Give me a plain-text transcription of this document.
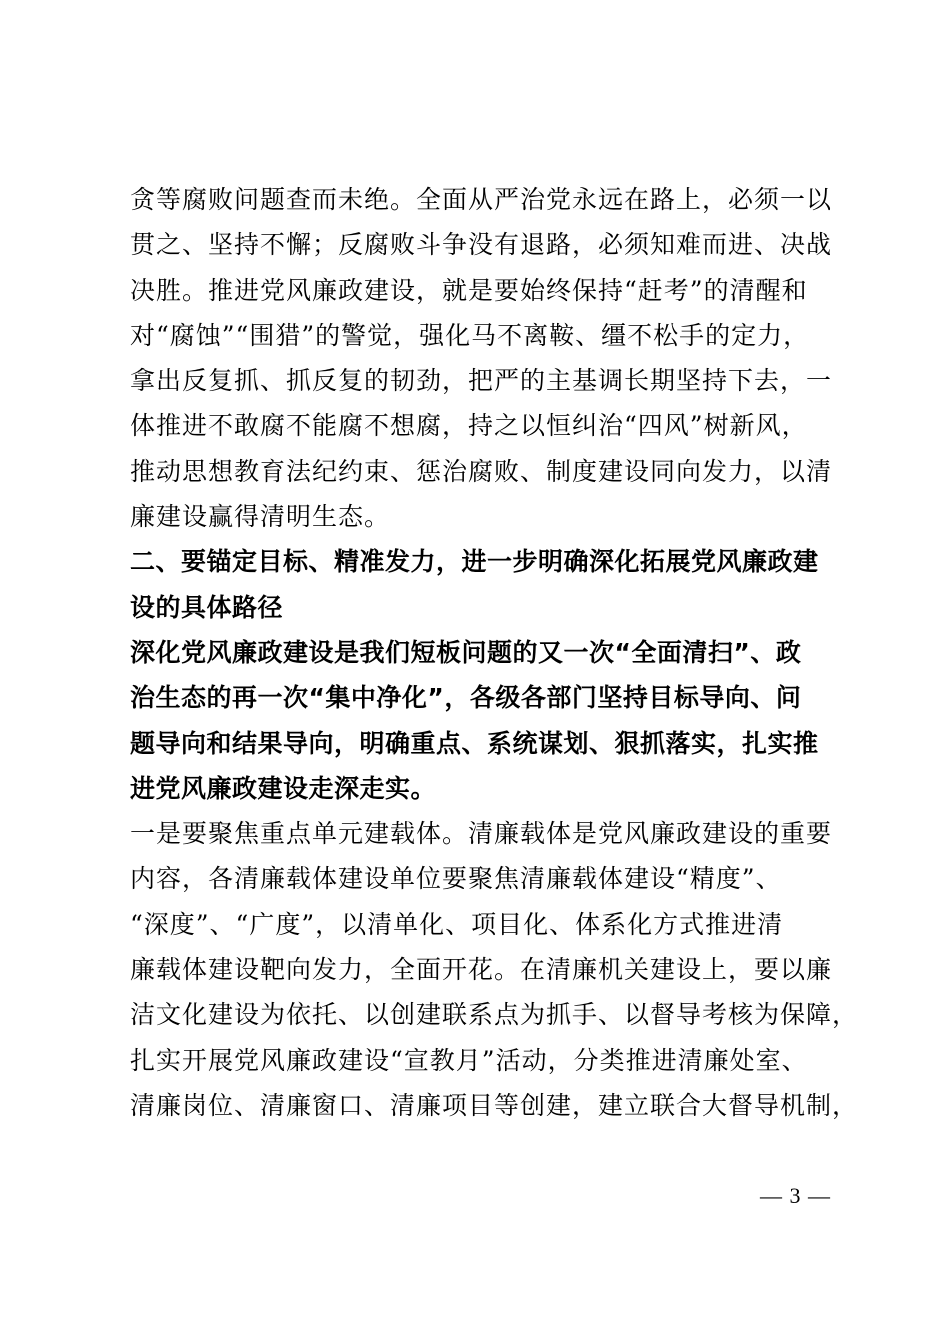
贪等腐败问题查而未绝。全面从严治党永远在路上，必须一以
贯之、坚持不懈；反腐败斗争没有退路，必须知难而进、决战
决胜。推进党风廉政建设，就是要始终保持“赶考”的清醒和
对“腐蚀”“围猎”的警觉，强化马不离鞍、缰不松手的定力，
拿出反复抓、抓反复的韧劲，把严的主基调长期坚持下去，一
体推进不敢腐不能腐不想腐，持之以恒纠治“四风”树新风，
推动思想教育法纪约束、惩治腐败、制度建设同向发力，以清
廉建设赢得清明生态。
二、要锚定目标、精准发力，进一步明确深化拓展党风廉政建
设的具体路径
深化党风廉政建设是我们短板问题的又一次“全面清扫”、政
治生态的再一次“集中净化”，各级各部门坚持目标导向、问
题导向和结果导向，明确重点、系统谋划、狠抓落实，扎实推
进党风廉政建设走深走实。
一是要聚焦重点单元建载体。清廉载体是党风廉政建设的重要
内容，各清廉载体建设单位要聚焦清廉载体建设“精度”、
“深度”、“广度”，以清单化、项目化、体系化方式推进清
廉载体建设靶向发力，全面开花。在清廉机关建设上，要以廉
洁文化建设为依托、以创建联系点为抓手、以督导考核为保障，
扎实开展党风廉政建设“宣教月”活动，分类推进清廉处室、
清廉岗位、清廉窗口、清廉项目等创建，建立联合大督导机制，
— 3 —
